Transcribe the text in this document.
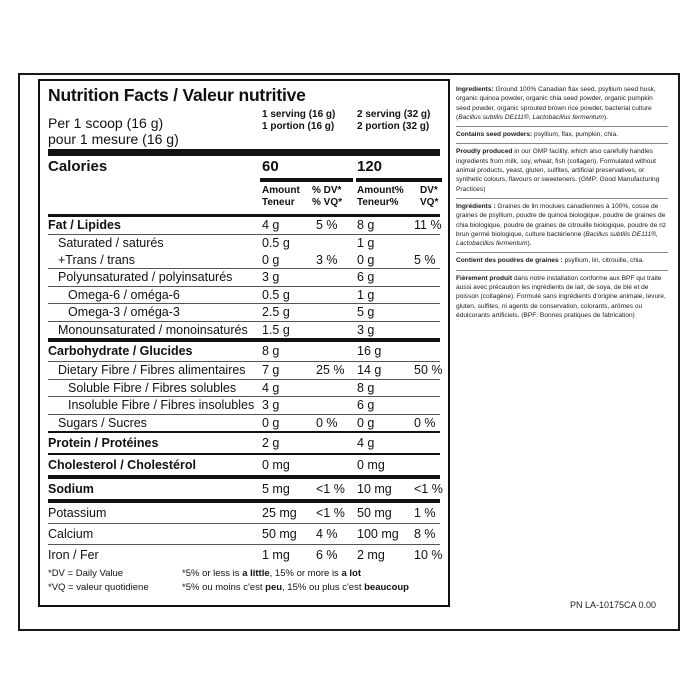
Nutrition Facts / Valeur nutritive
Per 1 scoop (16 g)
pour 1 mesure (16 g)
1 serving (16 g)
1 portion (16 g)
2 serving (32 g)
2 portion (32 g)
Calories	60	120
Amount
Teneur
% DV*
% VQ*
Amount%
Teneur%
DV*
VQ*
Fat / Lipides	4 g	5 % 8 g	11 %
Saturated / saturés	0.5 g	1 g
+Trans / trans	0 g	3 % 0 g	5 %
Polyunsaturated / polyinsaturés 3 g	6 g
Omega-6 / oméga-6	0.5 g	1 g
Omega-3 / oméga-3	2.5 g	5 g
Monounsaturated / monoinsaturés 1.5 g	3 g
Carbohydrate / Glucides	8 g	16 g
Dietary Fibre / Fibres alimentaires 7 g	25 % 14 g	50 %
Soluble Fibre / Fibres solubles 4 g	8 g
Insoluble Fibre / Fibres insolubles 3 g	6 g
Sugars / Sucres	0 g	0 % 0 g	0 %
Protein / Protéines	2 g	4 g
Cholesterol / Cholestérol	0 mg	0 mg
Sodium	5 mg <1 % 10 mg <1 %
Potassium	25 mg <1 % 50 mg 1 %
Calcium	50 mg 4 % 100 mg 8 %
Iron / Fer	1 mg 6 % 2 mg 10 %
*DV = Daily Value
*VQ = valeur quotidiene
*5% or less is a little, 15% or more is a lot
*5% ou moins c'est peu, 15% ou plus c'est beaucoup

Ingredients: Ground 100% Canadian flax seed, psyllium seed husk, organic quinoa powder, organic chia seed powder, organic pumpkin seed powder, organic sprouted brown rice powder, bacterial culture (Bacillus subtilis DE111®, Lactobacillus fermentum).

Contains seed powders: psyllium, flax, pumpkin, chia.

Proudly produced in our GMP facility, which also carefully handles ingredients from milk, soy, wheat, fish (collagen). Formulated without animal products, yeast, gluten, sulfites, artificial preservatives, or synthetic colours, flavours or sweeteners. (GMP: Good Manufacturing Practices)

Ingrédients : Graines de lin moulues canadiennes à 100%, cosse de graines de psyllium, poudre de quinoa biologique, poudre de graines de chia biologique, poudre de graines de citrouille biologique, poudre de riz brun germé biologique, culture bactérienne (Bacillus subtilis DE111®, Lactobacillus fermentum).

Contient des poudres de graines : psyllium, lin, citrouille, chia.

Fièrement produit dans notre installation conforme aux BPF qui traite aussi avec précaution les ingrédients de lait, de soya, de blé et de poisson (collagène). Formulé sans ingrédients d'origine animale, levure, gluten, sulfites, ni agents de conservation, colorants, arômes ou édulcorants artificiels. (BPF: Bonnes pratiques de fabrication)

PN LA-10175CA 0.00
